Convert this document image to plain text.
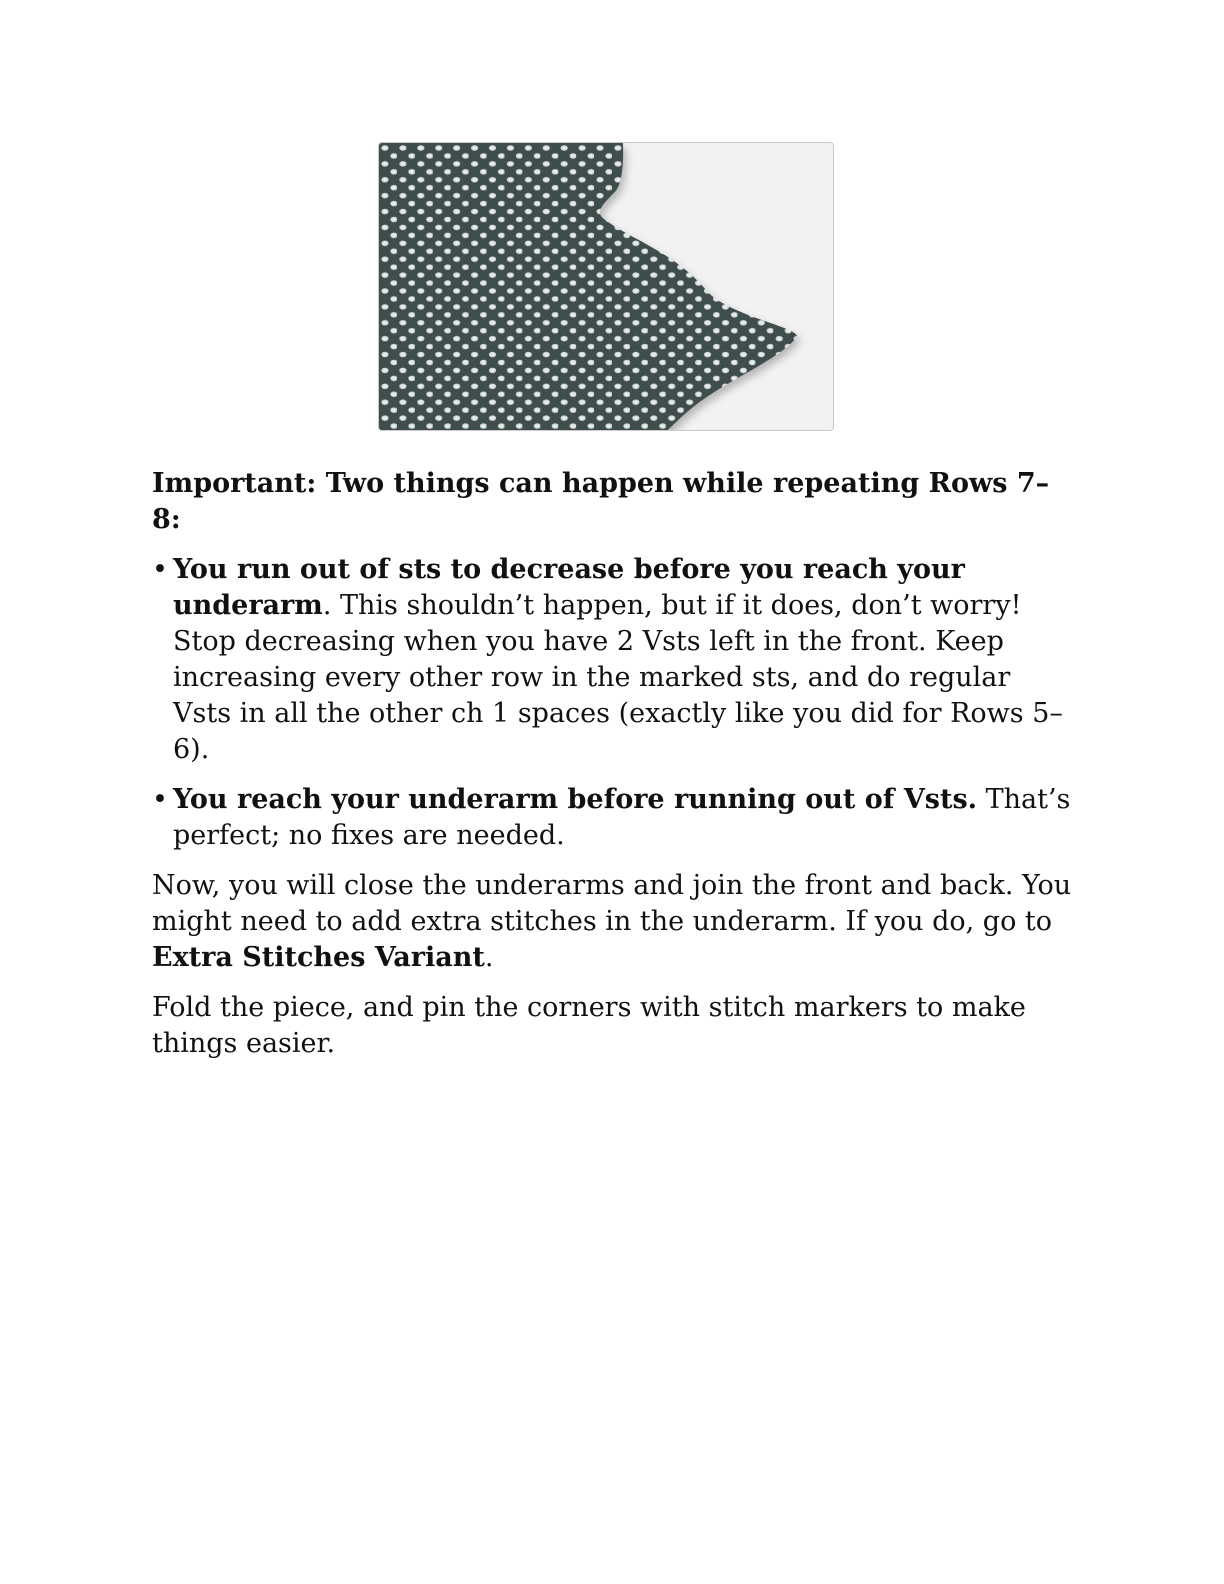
Important: Two things can happen while repeating Rows 7–8:

• You run out of sts to decrease before you reach your underarm. This shouldn’t happen, but if it does, don’t worry! Stop decreasing when you have 2 Vsts left in the front. Keep increasing every other row in the marked sts, and do regular Vsts in all the other ch 1 spaces (exactly like you did for Rows 5–6).
• You reach your underarm before running out of Vsts. That’s perfect; no fixes are needed.

Now, you will close the underarms and join the front and back. You might need to add extra stitches in the underarm. If you do, go to Extra Stitches Variant.

Fold the piece, and pin the corners with stitch markers to make things easier.
